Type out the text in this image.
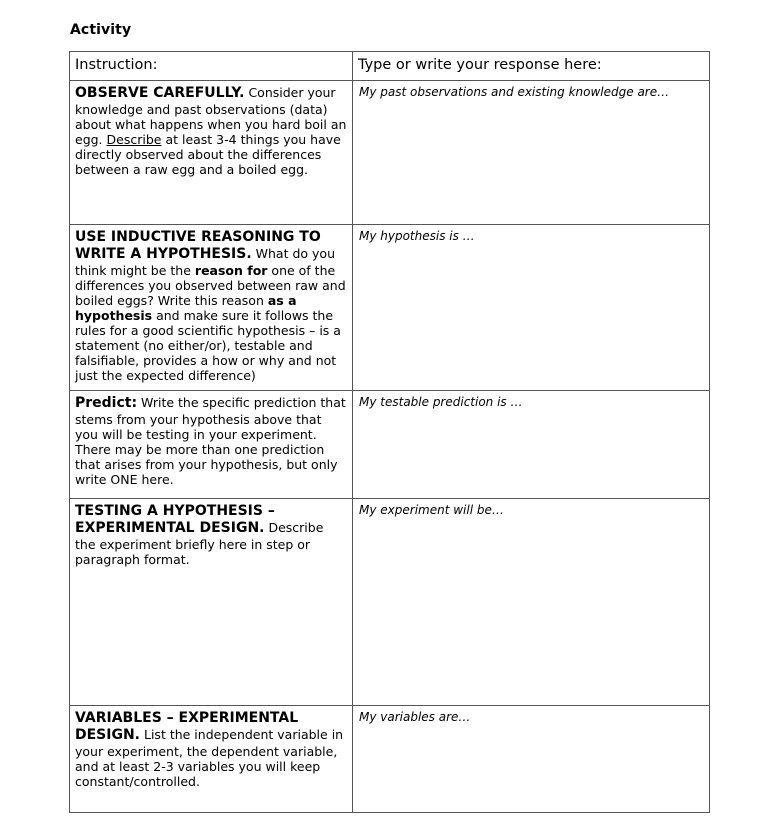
Activity
Instruction:	Type or write your response here:
OBSERVE CAREFULLY. Consider your knowledge and past observations (data) about what happens when you hard boil an egg. Describe at least 3-4 things you have directly observed about the differences between a raw egg and a boiled egg.	My past observations and existing knowledge are…
USE INDUCTIVE REASONING TO WRITE A HYPOTHESIS. What do you think might be the reason for one of the differences you observed between raw and boiled eggs? Write this reason as a hypothesis and make sure it follows the rules for a good scientific hypothesis – is a statement (no either/or), testable and falsifiable, provides a how or why and not just the expected difference)	My hypothesis is …
Predict: Write the specific prediction that stems from your hypothesis above that you will be testing in your experiment. There may be more than one prediction that arises from your hypothesis, but only write ONE here.	My testable prediction is …
TESTING A HYPOTHESIS – EXPERIMENTAL DESIGN. Describe the experiment briefly here in step or paragraph format.	My experiment will be…
VARIABLES – EXPERIMENTAL DESIGN. List the independent variable in your experiment, the dependent variable, and at least 2-3 variables you will keep constant/controlled.	My variables are…
